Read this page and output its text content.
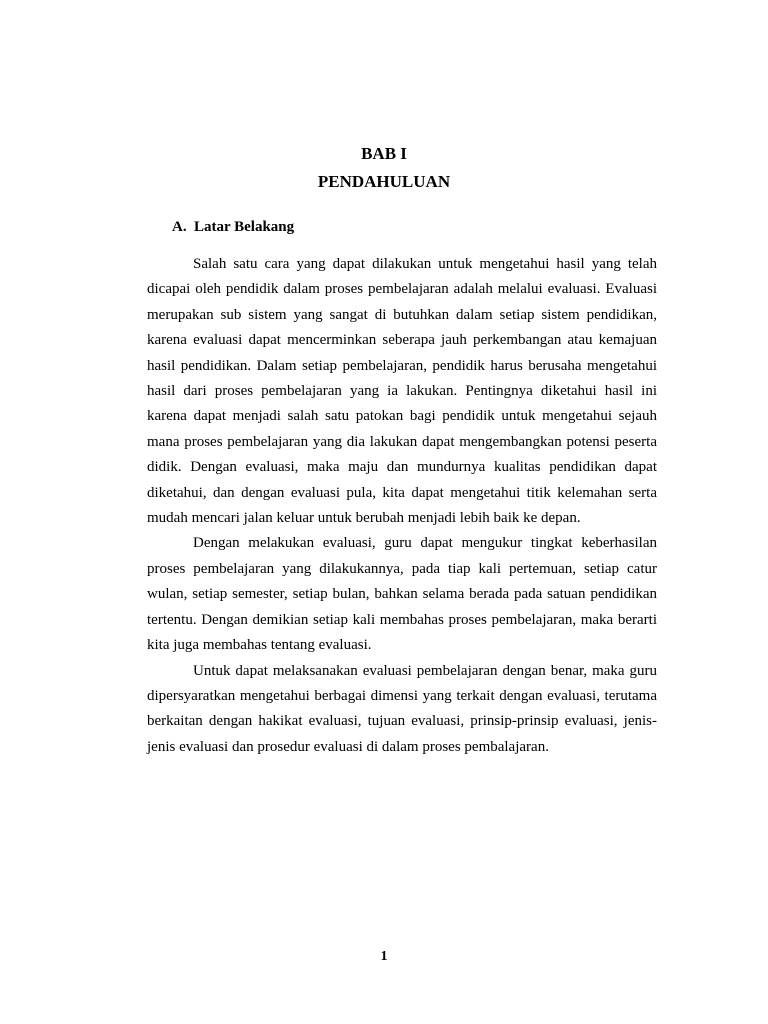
BAB I
PENDAHULUAN
A. Latar Belakang

Salah satu cara yang dapat dilakukan untuk mengetahui hasil yang telah dicapai oleh pendidik dalam proses pembelajaran adalah melalui evaluasi. Evaluasi merupakan sub sistem yang sangat di butuhkan dalam setiap sistem pendidikan, karena evaluasi dapat mencerminkan seberapa jauh perkembangan atau kemajuan hasil pendidikan. Dalam setiap pembelajaran, pendidik harus berusaha mengetahui hasil dari proses pembelajaran yang ia lakukan. Pentingnya diketahui hasil ini karena dapat menjadi salah satu patokan bagi pendidik untuk mengetahui sejauh mana proses pembelajaran yang dia lakukan dapat mengembangkan potensi peserta didik. Dengan evaluasi, maka maju dan mundurnya kualitas pendidikan dapat diketahui, dan dengan evaluasi pula, kita dapat mengetahui titik kelemahan serta mudah mencari jalan keluar untuk berubah menjadi lebih baik ke depan.

Dengan melakukan evaluasi, guru dapat mengukur tingkat keberhasilan proses pembelajaran yang dilakukannya, pada tiap kali pertemuan, setiap catur wulan, setiap semester, setiap bulan, bahkan selama berada pada satuan pendidikan tertentu. Dengan demikian setiap kali membahas proses pembelajaran, maka berarti kita juga membahas tentang evaluasi.

Untuk dapat melaksanakan evaluasi pembelajaran dengan benar, maka guru dipersyaratkan mengetahui berbagai dimensi yang terkait dengan evaluasi, terutama berkaitan dengan hakikat evaluasi, tujuan evaluasi, prinsip-prinsip evaluasi, jenis-jenis evaluasi dan prosedur evaluasi di dalam proses pembalajaran.

1
